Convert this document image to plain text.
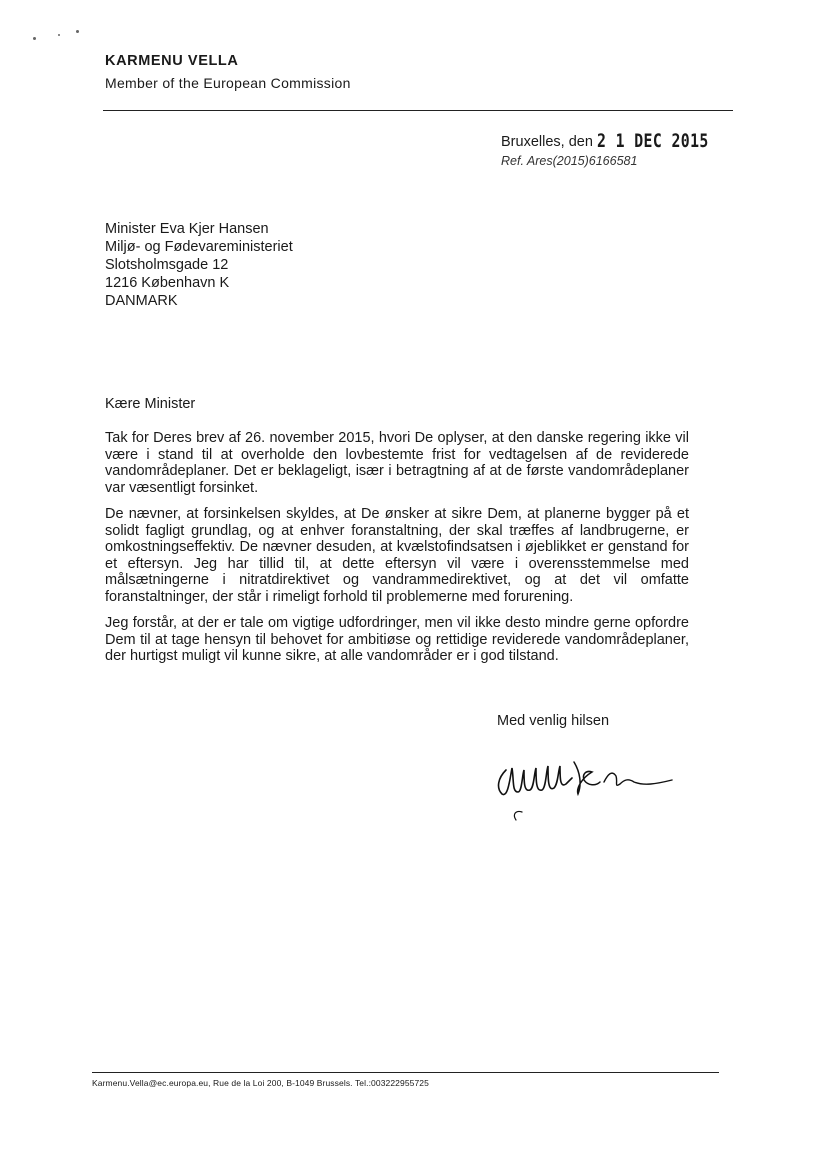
KARMENU VELLA
Member of the European Commission
Bruxelles, den 2 1 DEC 2015
Ref. Ares(2015)6166581
Minister Eva Kjer Hansen
Miljø- og Fødevareministeriet
Slotsholmsgade 12
1216 København K
DANMARK
Kære Minister

Tak for Deres brev af 26. november 2015, hvori De oplyser, at den danske regering ikke vil være i stand til at overholde den lovbestemte frist for vedtagelsen af de reviderede vandområdeplaner. Det er beklageligt, især i betragtning af at de første vandområdeplaner var væsentligt forsinket.

De nævner, at forsinkelsen skyldes, at De ønsker at sikre Dem, at planerne bygger på et solidt fagligt grundlag, og at enhver foranstaltning, der skal træffes af landbrugerne, er omkostningseffektiv. De nævner desuden, at kvælstofindsatsen i øjeblikket er genstand for et eftersyn. Jeg har tillid til, at dette eftersyn vil være i overensstemmelse med målsætningerne i nitratdirektivet og vandrammedirektivet, og at det vil omfatte foranstaltninger, der står i rimeligt forhold til problemerne med forurening.

Jeg forstår, at der er tale om vigtige udfordringer, men vil ikke desto mindre gerne opfordre Dem til at tage hensyn til behovet for ambitiøse og rettidige reviderede vandområdeplaner, der hurtigst muligt vil kunne sikre, at alle vandområder er i god tilstand.

Med venlig hilsen
Karmenu.Vella@ec.europa.eu, Rue de la Loi 200, B-1049 Brussels. Tel.:003222955725
